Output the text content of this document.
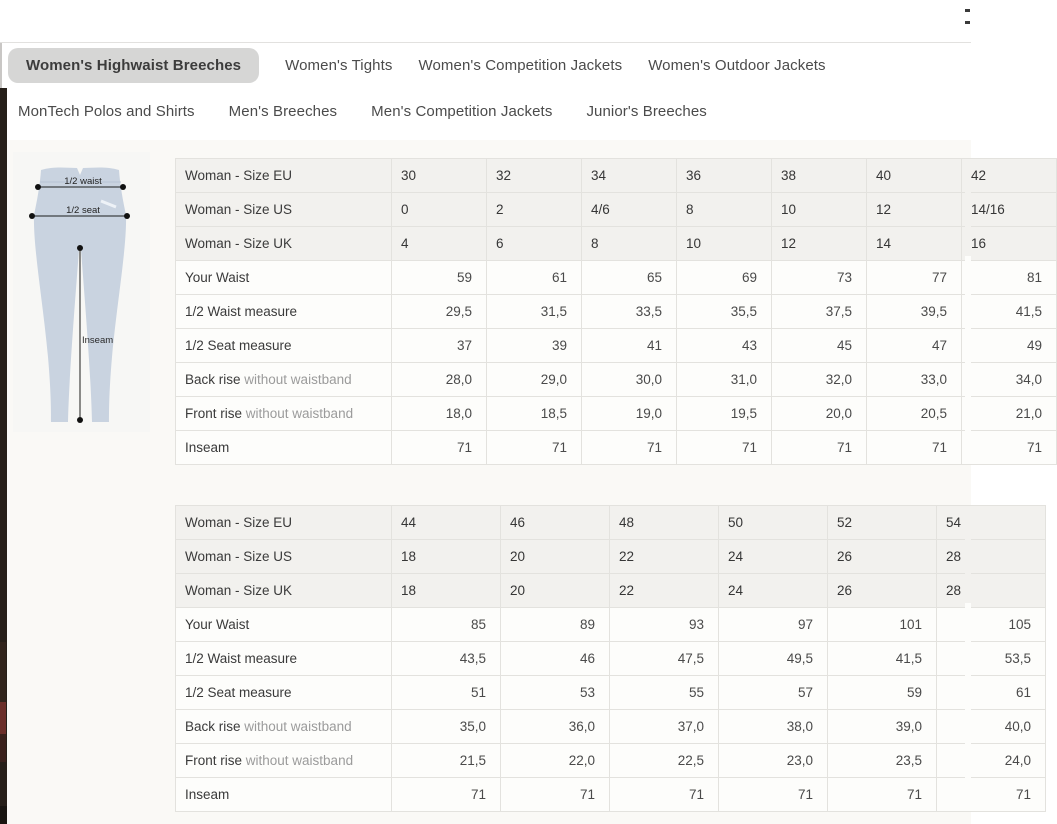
Women's Highwaist Breeches	Women's Tights Women's Competition Jackets Women's Outdoor Jackets
MonTech Polos and Shirts Men's Breeches Men's Competition Jackets Junior's Breeches
1/2 waist
1/2 seat
Inseam
Woman - Size EU	30	32	34	36	38	40	42
Woman - Size US	0	2	4/6	8	10	12	14/16
Woman - Size UK	4	6	8	10	12	14	16
Your Waist	59	61	65	69	73	77	81
1/2 Waist measure	29,5	31,5	33,5	35,5	37,5	39,5	41,5
1/2 Seat measure	37	39	41	43	45	47	49
Back rise without waistband	28,0	29,0	30,0	31,0	32,0	33,0	34,0
Front rise without waistband	18,0	18,5	19,0	19,5	20,0	20,5	21,0
Inseam	71	71	71	71	71	71	71
Woman - Size EU	44	46	48	50	52	54
Woman - Size US	18	20	22	24	26	28
Woman - Size UK	18	20	22	24	26	28
Your Waist	85	89	93	97	101	105
1/2 Waist measure	43,5	46	47,5	49,5	41,5	53,5
1/2 Seat measure	51	53	55	57	59	61
Back rise without waistband	35,0	36,0	37,0	38,0	39,0	40,0
Front rise without waistband	21,5	22,0	22,5	23,0	23,5	24,0
Inseam	71	71	71	71	71	71
